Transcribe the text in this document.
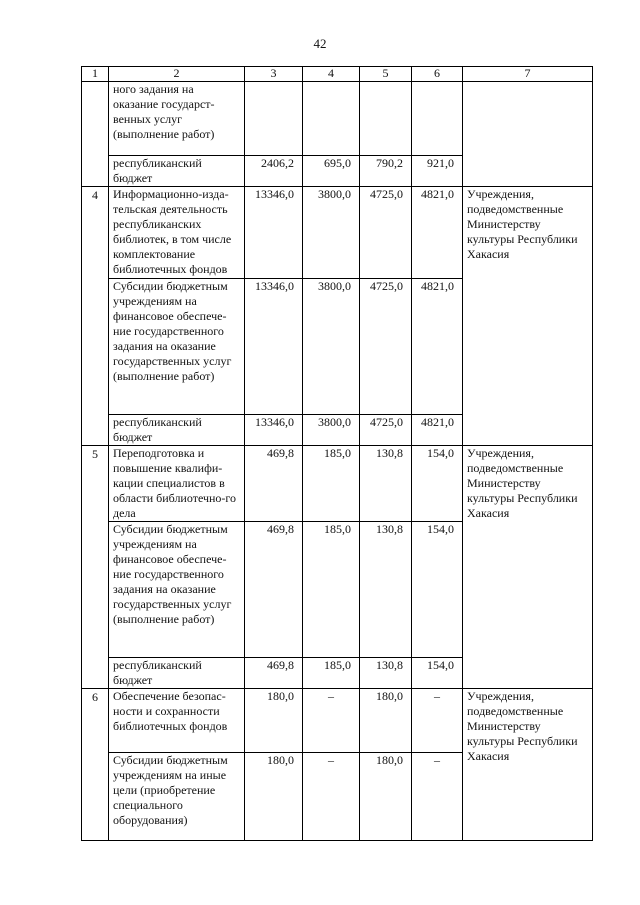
42
1	2	3	4	5	6	7
	ного задания на оказание государст-венных услуг (выполнение работ)					
	республиканский бюджет	2406,2	695,0	790,2	921,0	
4	Информационно-изда-тельская деятельность республиканских библиотек, в том числе комплектование библиотечных фондов	13346,0	3800,0	4725,0	4821,0	Учреждения, подведомственные Министерству культуры Республики Хакасия
	Субсидии бюджетным учреждениям на финансовое обеспече-ние государственного задания на оказание государственных услуг (выполнение работ)	13346,0	3800,0	4725,0	4821,0	
	республиканский бюджет	13346,0	3800,0	4725,0	4821,0	
5	Переподготовка и повышение квалифи-кации специалистов в области библиотечно-го дела	469,8	185,0	130,8	154,0	Учреждения, подведомственные Министерству культуры Республики Хакасия
	Субсидии бюджетным учреждениям на финансовое обеспече-ние государственного задания на оказание государственных услуг (выполнение работ)	469,8	185,0	130,8	154,0	
	республиканский бюджет	469,8	185,0	130,8	154,0	
6	Обеспечение безопас-ности и сохранности библиотечных фондов	180,0	–	180,0	–	Учреждения, подведомственные Министерству культуры Республики Хакасия
	Субсидии бюджетным учреждениям на иные цели (приобретение специального оборудования)	180,0	–	180,0	–	
